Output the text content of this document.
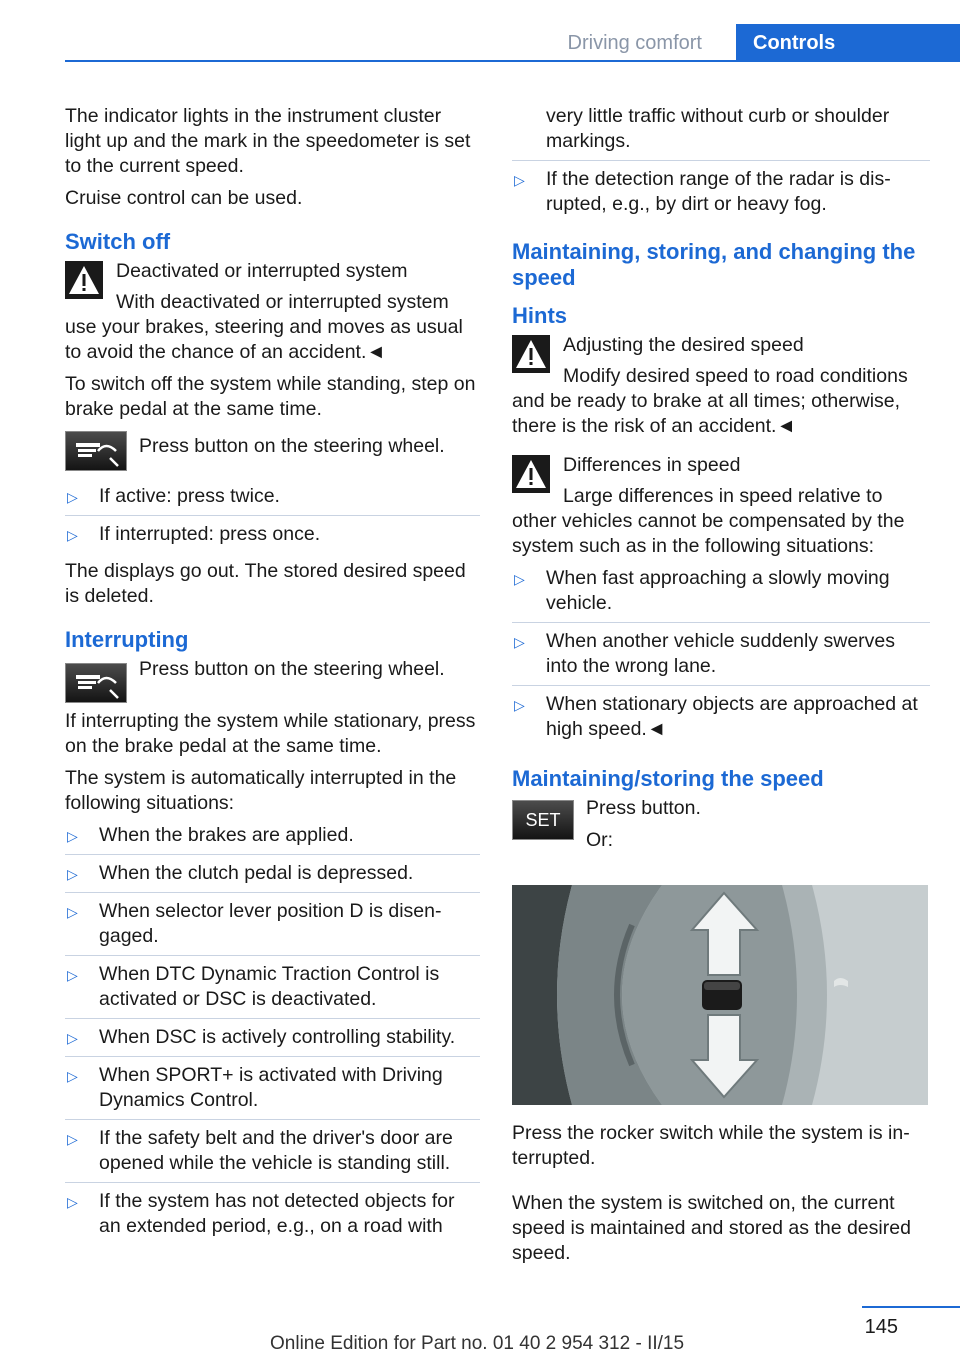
Driving comfort	Controls

The indicator lights in the instrument cluster light up and the mark in the speedometer is set to the current speed.

Cruise control can be used.

Switch off
Deactivated or interrupted system

With deactivated or interrupted system use your brakes, steering and moves as usual to avoid the chance of an accident.◄

To switch off the system while standing, step on brake pedal at the same time.

Press button on the steering wheel.
▷ If active: press twice.
▷ If interrupted: press once.

The displays go out. The stored desired speed is deleted.

Interrupting
Press button on the steering wheel.

If interrupting the system while stationary, press on the brake pedal at the same time.

The system is automatically interrupted in the following situations:

▷ When the brakes are applied.
▷ When the clutch pedal is depressed.
▷ When selector lever position D is disengaged.
▷ When DTC Dynamic Traction Control is activated or DSC is deactivated.
▷ When DSC is actively controlling stability.
▷ When SPORT+ is activated with Driving Dynamics Control.
▷ If the safety belt and the driver's door are opened while the vehicle is standing still.
▷ If the system has not detected objects for an extended period, e.g., on a road with
very little traffic without curb or shoulder markings.
▷ If the detection range of the radar is disrupted, e.g., by dirt or heavy fog.
Maintaining, storing, and changing the speed
Hints
Adjusting the desired speed

Modify desired speed to road conditions and be ready to brake at all times; otherwise, there is the risk of an accident.◄

Differences in speed

Large differences in speed relative to other vehicles cannot be compensated by the system such as in the following situations:

▷ When fast approaching a slowly moving vehicle.
▷ When another vehicle suddenly swerves into the wrong lane.
▷ When stationary objects are approached at high speed.◄
Maintaining/storing the speed
SET
Press button.
Or:

Press the rocker switch while the system is interrupted.

When the system is switched on, the current speed is maintained and stored as the desired speed.

145
Online Edition for Part no. 01 40 2 954 312 - II/15
